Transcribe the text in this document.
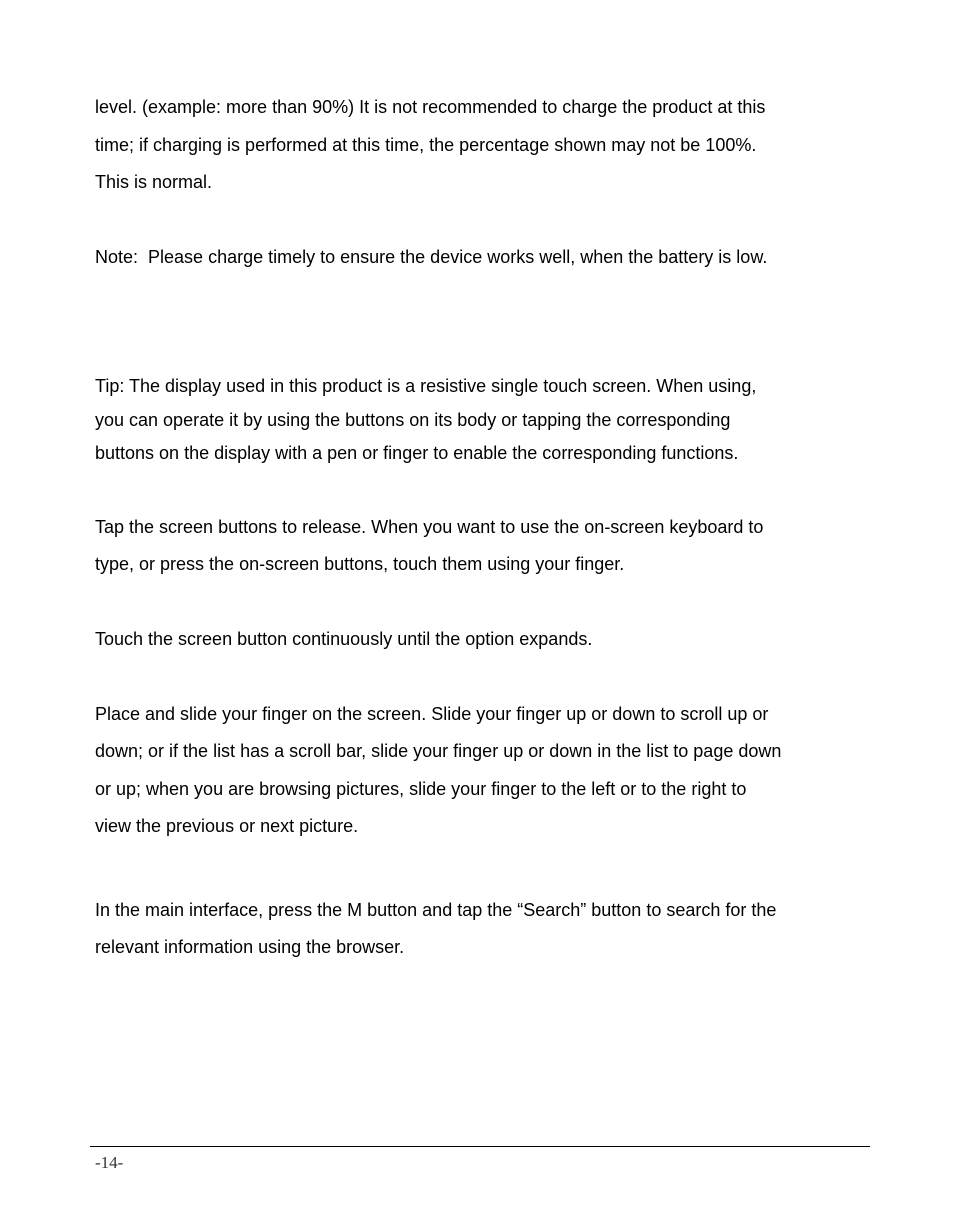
level. (example: more than 90%) It is not recommended to charge the product at this
time; if charging is performed at this time, the percentage shown may not be 100%.
This is normal.
Note:  Please charge timely to ensure the device works well, when the battery is low.
Tip: The display used in this product is a resistive single touch screen. When using,
you can operate it by using the buttons on its body or tapping the corresponding
buttons on the display with a pen or finger to enable the corresponding functions.
Tap the screen buttons to release. When you want to use the on-screen keyboard to
type, or press the on-screen buttons, touch them using your finger.
Touch the screen button continuously until the option expands.
Place and slide your finger on the screen. Slide your finger up or down to scroll up or
down; or if the list has a scroll bar, slide your finger up or down in the list to page down
or up; when you are browsing pictures, slide your finger to the left or to the right to
view the previous or next picture.
In the main interface, press the M button and tap the “Search” button to search for the
relevant information using the browser.
-14-
